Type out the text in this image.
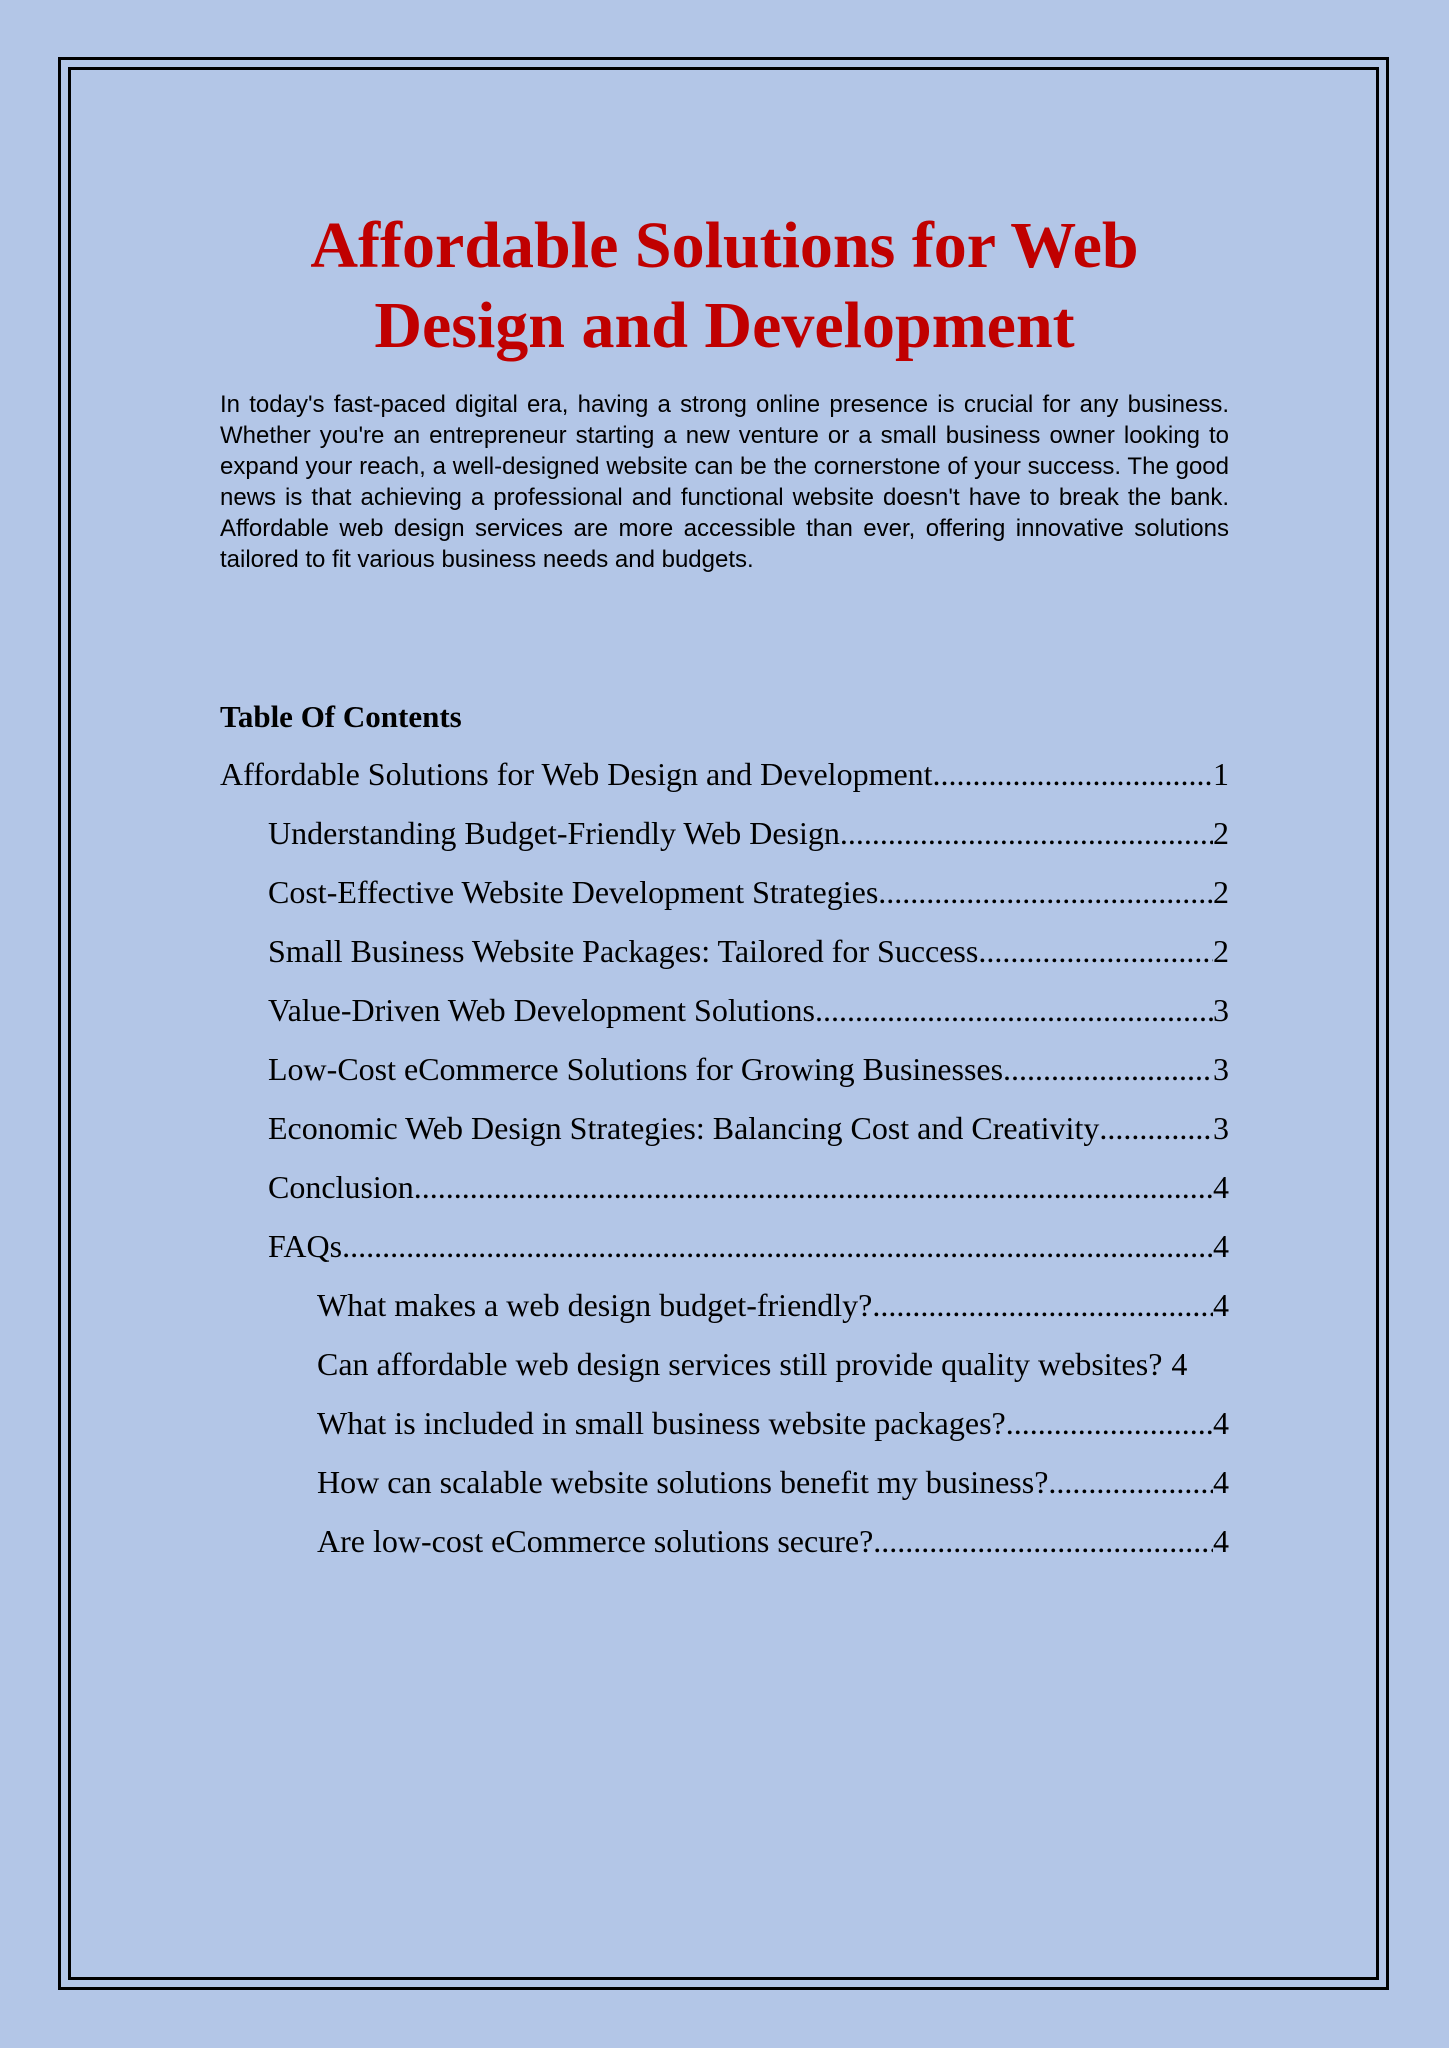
Affordable Solutions for Web
Design and Development

In today's fast-paced digital era, having a strong online presence is crucial for any business. Whether you're an entrepreneur starting a new venture or a small business owner looking to expand your reach, a well-designed website can be the cornerstone of your success. The good news is that achieving a professional and functional website doesn't have to break the bank. Affordable web design services are more accessible than ever, offering innovative solutions tailored to fit various business needs and budgets.

Table Of Contents
Affordable Solutions for Web Design and Development .....	1
Understanding Budget-Friendly Web Design .....	2
Cost-Effective Website Development Strategies .....	2
Small Business Website Packages: Tailored for Success .....	2
Value-Driven Web Development Solutions .....	3
Low-Cost eCommerce Solutions for Growing Businesses .....	3
Economic Web Design Strategies: Balancing Cost and Creativity .....	3
Conclusion .....	4
FAQs .....	4
What makes a web design budget-friendly? .....	4
Can affordable web design services still provide quality websites? 4
What is included in small business website packages? .....	4
How can scalable website solutions benefit my business? .....	4
Are low-cost eCommerce solutions secure? .....	4
